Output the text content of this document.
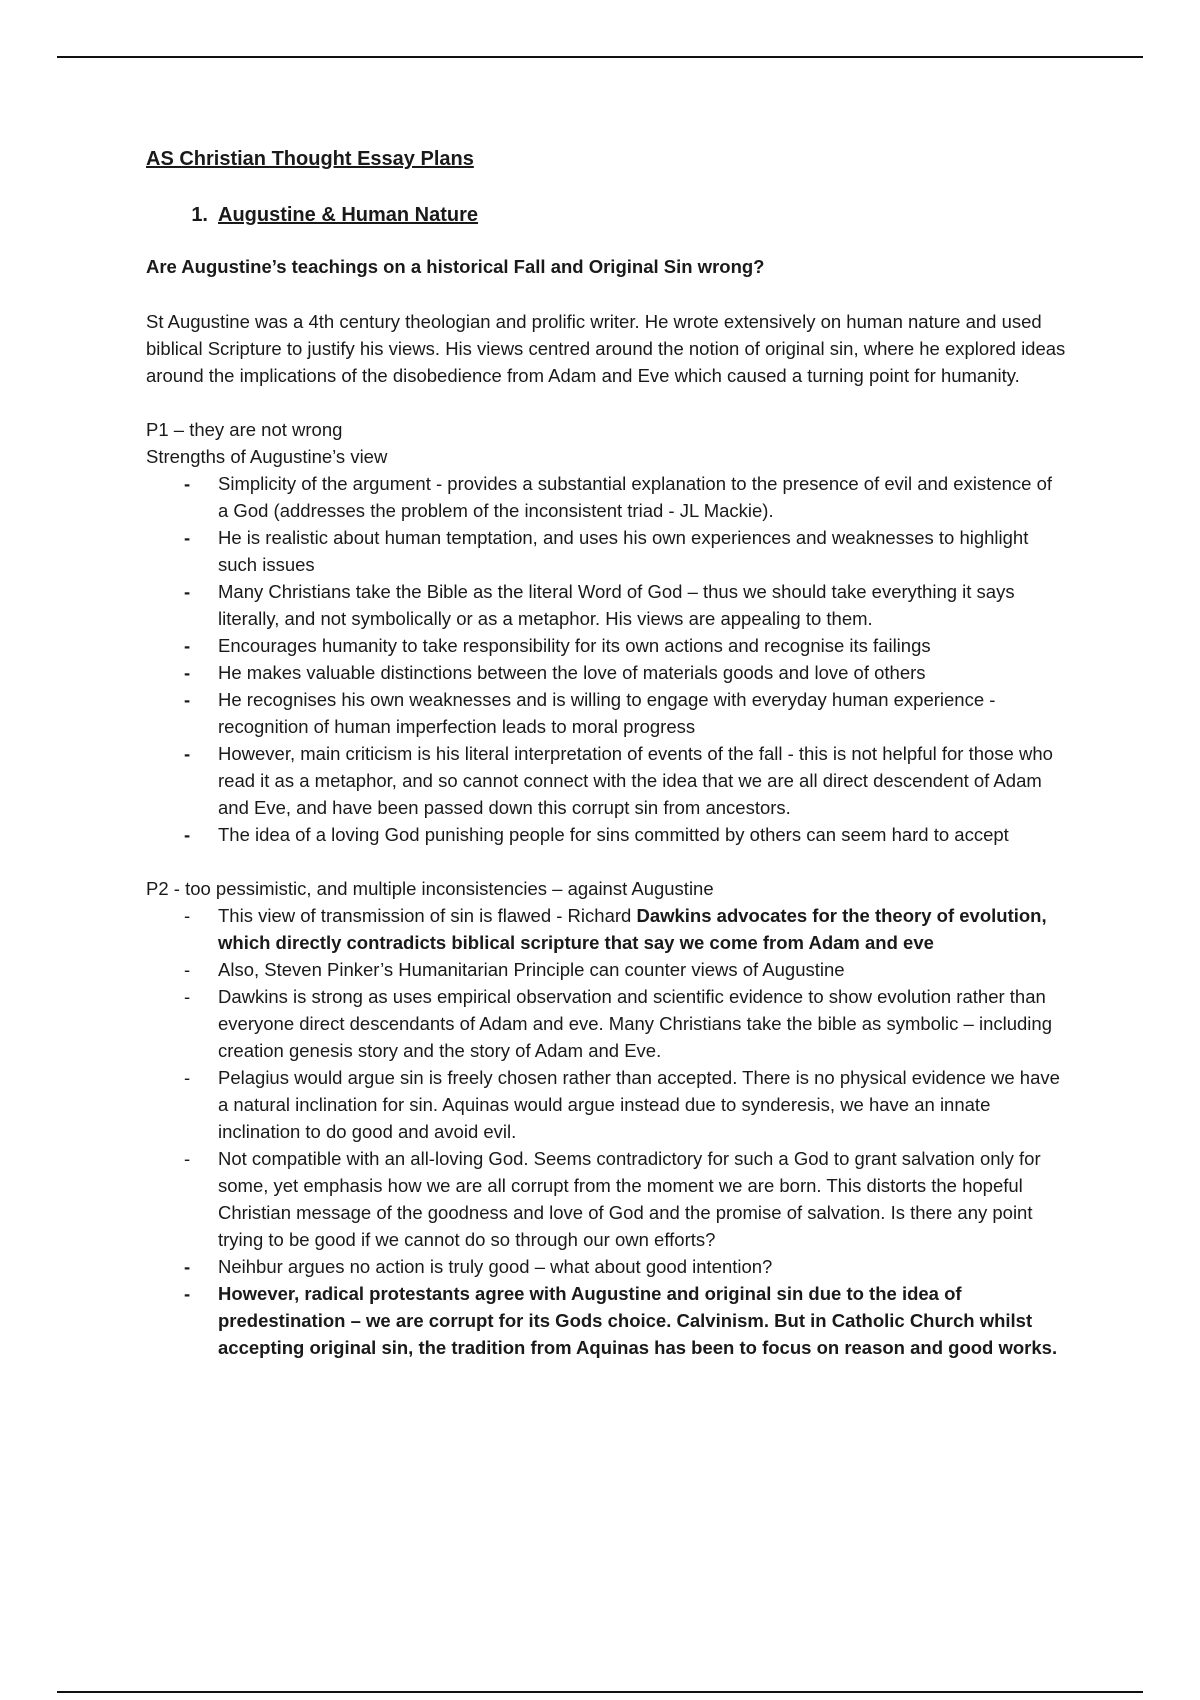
AS Christian Thought Essay Plans
1. Augustine & Human Nature

Are Augustine’s teachings on a historical Fall and Original Sin wrong?

St Augustine was a 4th century theologian and prolific writer. He wrote extensively on human nature and used biblical Scripture to justify his views. His views centred around the notion of original sin, where he explored ideas around the implications of the disobedience from Adam and Eve which caused a turning point for humanity.

P1 – they are not wrong

Strengths of Augustine’s view

- Simplicity of the argument - provides a substantial explanation to the presence of evil and existence of a God (addresses the problem of the inconsistent triad - JL Mackie).
- He is realistic about human temptation, and uses his own experiences and weaknesses to highlight such issues
- Many Christians take the Bible as the literal Word of God – thus we should take everything it says literally, and not symbolically or as a metaphor. His views are appealing to them.
- Encourages humanity to take responsibility for its own actions and recognise its failings
- He makes valuable distinctions between the love of materials goods and love of others
- He recognises his own weaknesses and is willing to engage with everyday human experience - recognition of human imperfection leads to moral progress
- However, main criticism is his literal interpretation of events of the fall - this is not helpful for those who read it as a metaphor, and so cannot connect with the idea that we are all direct descendent of Adam and Eve, and have been passed down this corrupt sin from ancestors.
- The idea of a loving God punishing people for sins committed by others can seem hard to accept

P2 - too pessimistic, and multiple inconsistencies – against Augustine

- This view of transmission of sin is flawed - Richard Dawkins advocates for the theory of evolution, which directly contradicts biblical scripture that say we come from Adam and eve
- Also, Steven Pinker’s Humanitarian Principle can counter views of Augustine
- Dawkins is strong as uses empirical observation and scientific evidence to show evolution rather than everyone direct descendants of Adam and eve. Many Christians take the bible as symbolic – including creation genesis story and the story of Adam and Eve.
- Pelagius would argue sin is freely chosen rather than accepted. There is no physical evidence we have a natural inclination for sin. Aquinas would argue instead due to synderesis, we have an innate inclination to do good and avoid evil.
- Not compatible with an all-loving God. Seems contradictory for such a God to grant salvation only for some, yet emphasis how we are all corrupt from the moment we are born. This distorts the hopeful Christian message of the goodness and love of God and the promise of salvation. Is there any point trying to be good if we cannot do so through our own efforts?
- Neihbur argues no action is truly good – what about good intention?
- However, radical protestants agree with Augustine and original sin due to the idea of predestination – we are corrupt for its Gods choice. Calvinism. But in Catholic Church whilst accepting original sin, the tradition from Aquinas has been to focus on reason and good works.
